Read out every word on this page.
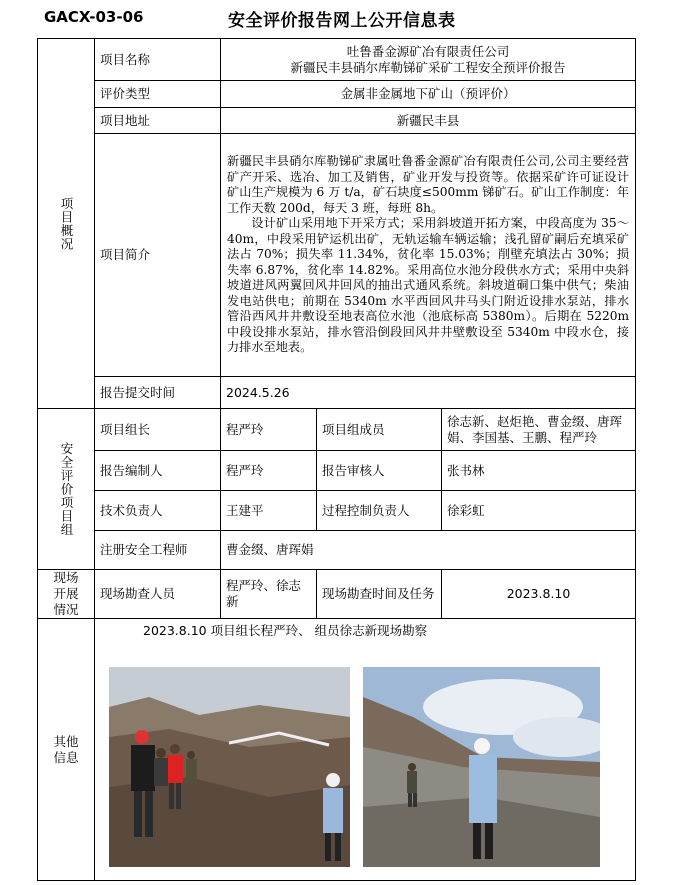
GACX-03-06	安全评价报告网上公开信息表
项目概况	项目名称	吐鲁番金源矿冶有限责任公司
新疆民丰县硝尔库勒锑矿采矿工程安全预评价报告		

	评价类型	金属非金属地下矿山（预评价）		
	项目地址	新疆民丰县		
	项目简介	新疆民丰县硝尔库勒锑矿隶属吐鲁番金源矿冶有限责任公司,公司主要经营矿产开采、选冶、加工及销售，矿业开发与投资等。依据采矿许可证设计矿山生产规模为 6 万 t/a，矿石块度≤500mm 锑矿石。矿山工作制度：年工作天数 200d，每天 3 班，每班 8h。
设计矿山采用地下开采方式；采用斜坡道开拓方案，中段高度为 35～40m，中段采用铲运机出矿，无轨运输车辆运输；浅孔留矿嗣后充填采矿法占 70%；损失率 11.34%，贫化率 15.03%；削壁充填法占 30%；损失率 6.87%，贫化率 14.82%。采用高位水池分段供水方式；采用中央斜坡道进风两翼回风井回风的抽出式通风系统。斜坡道硐口集中供气；柴油发电站供电；前期在 5340m 水平西回风井马头门附近设排水泵站，排水管沿西风井井敷设至地表高位水池（池底标高 5380m）。后期在 5220m 中段设排水泵站，排水管沿倒段回风井井壁敷设至 5340m 中段水仓，接力排水至地表。		

	报告提交时间	2024.5.26		
安全评价项目组	项目组长	程严玲	项目组成员	徐志新、赵炬艳、曹金缀、唐珲娟、李国基、王鹏、程严玲
	报告编制人	程严玲	报告审核人	张书林
	技术负责人	王建平	过程控制负责人	徐彩虹
	注册安全工程师	曹金缀、唐珲娟		
现场开展情况	现场勘查人员	程严玲、徐志新	现场勘查时间及任务	2023.8.10
其他信息	2023.8.10 项目组长程严玲、 组员徐志新现场勘察			
